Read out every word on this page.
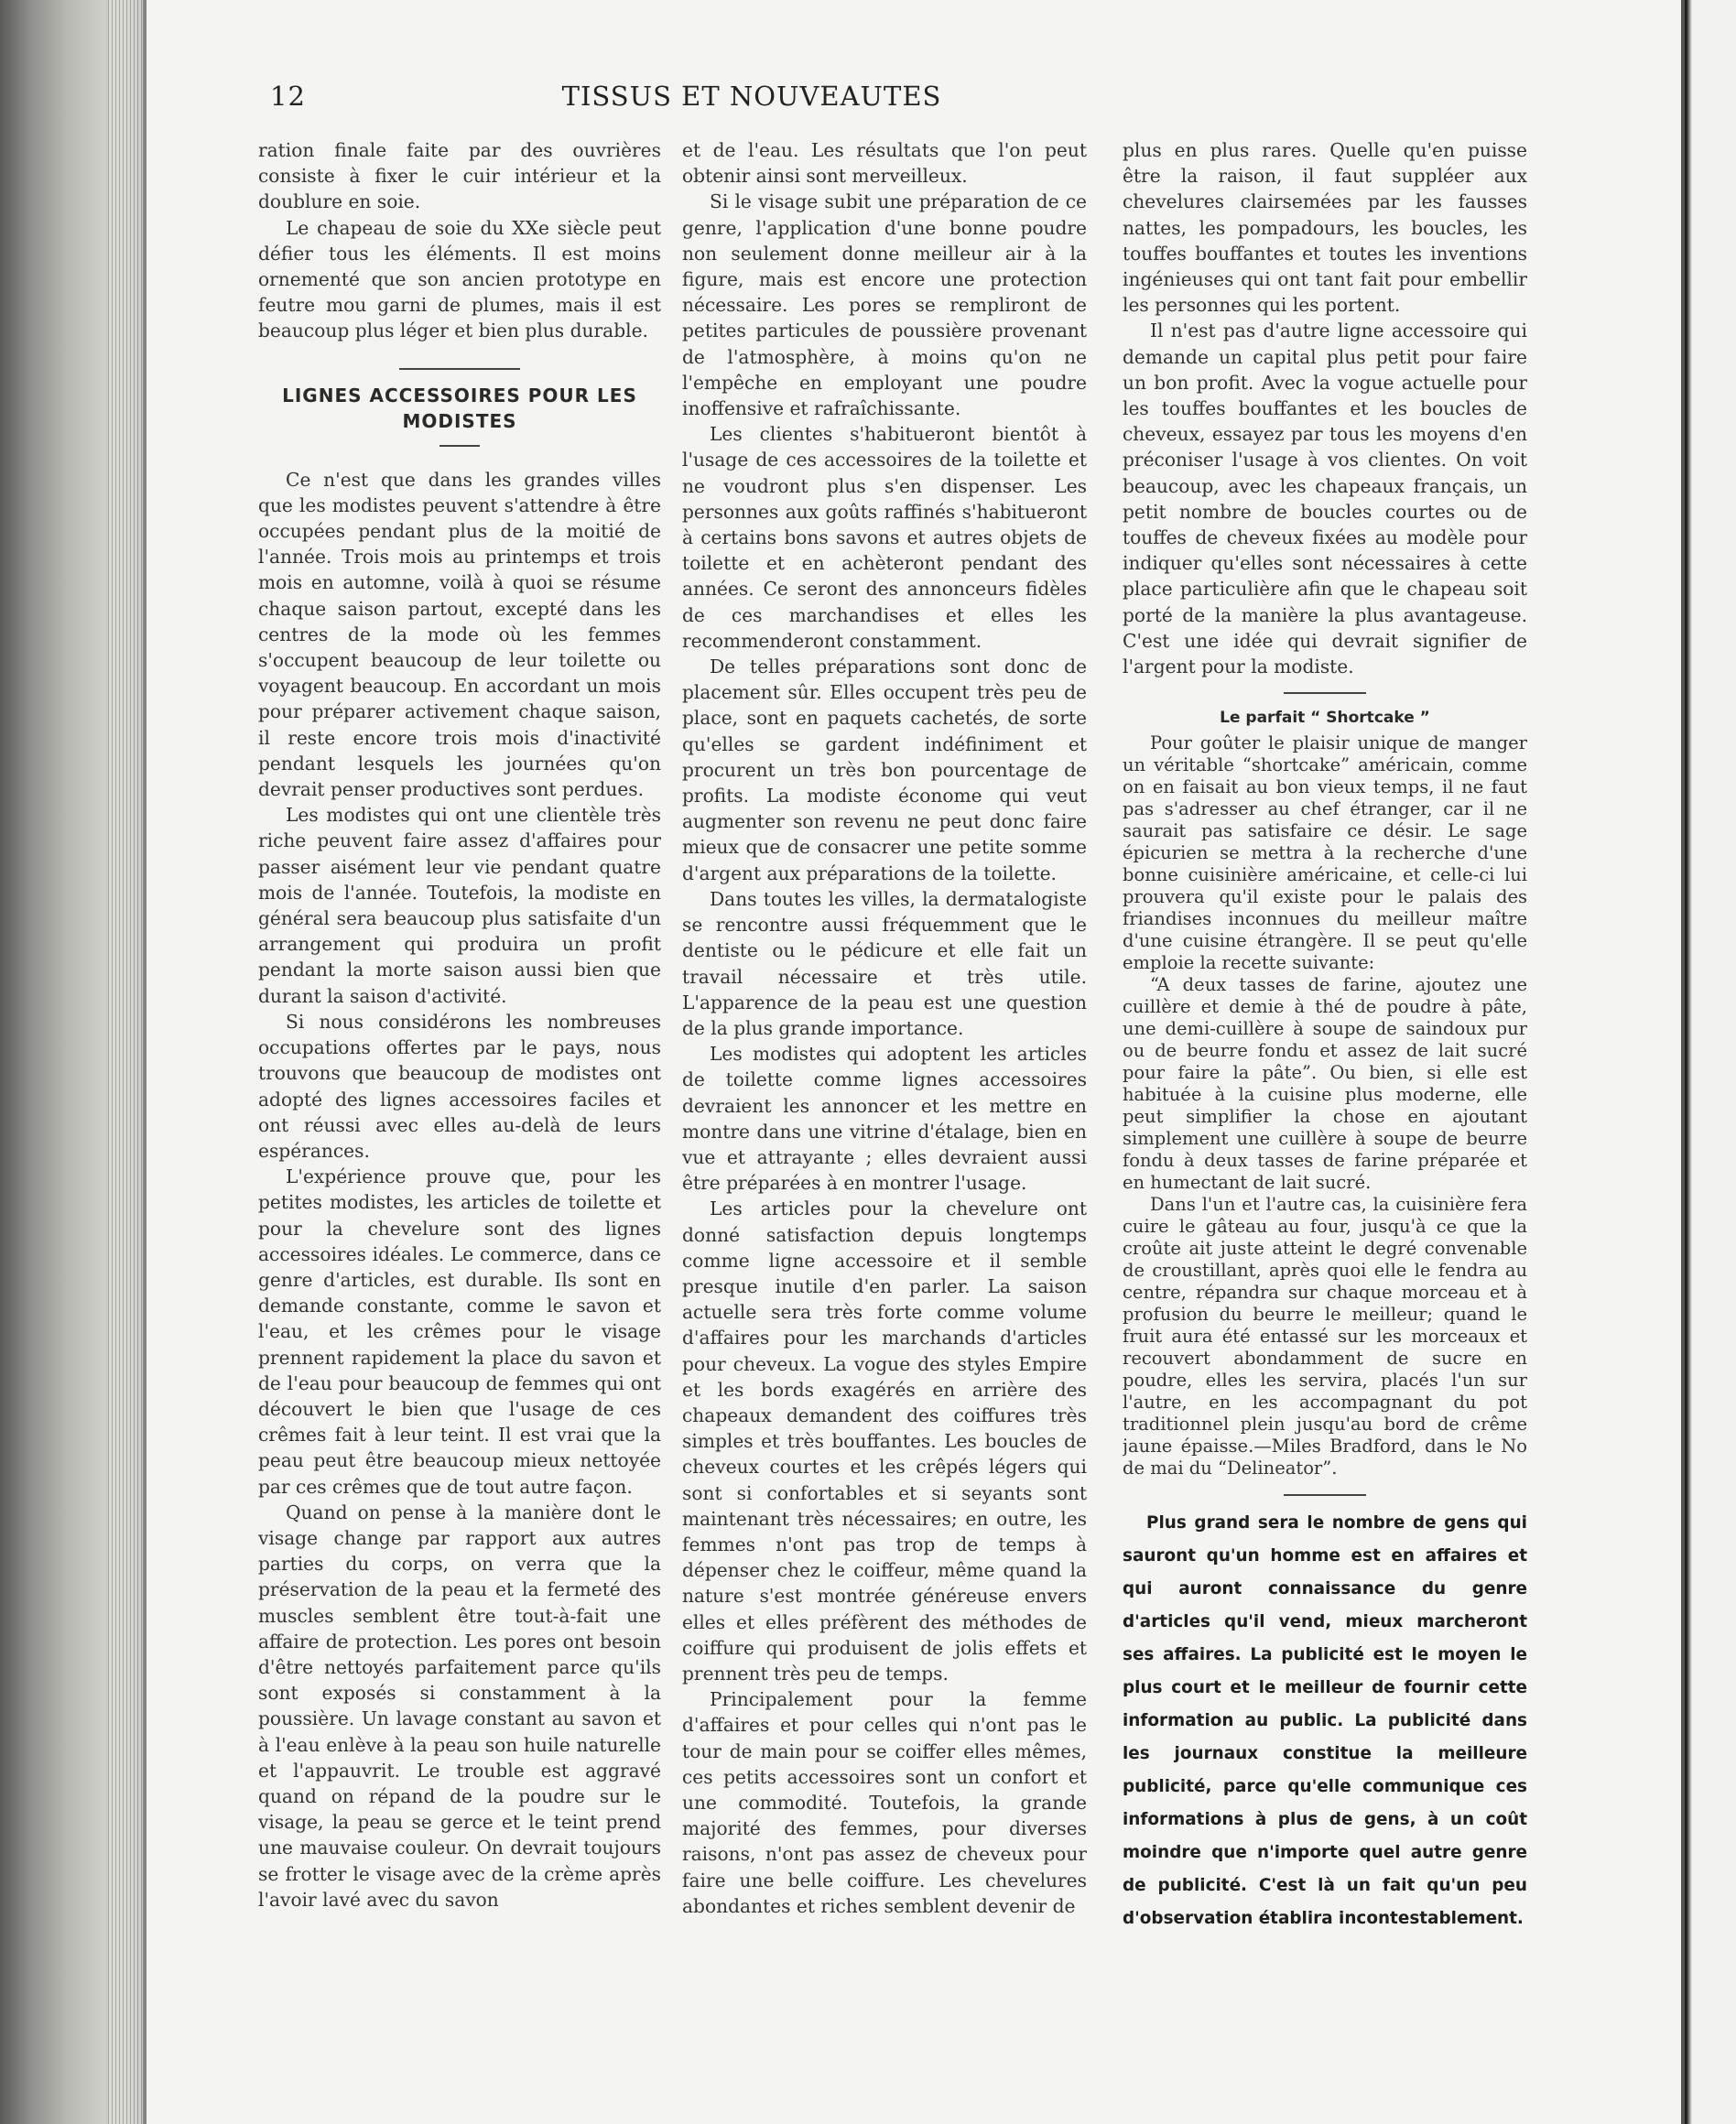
12	TISSUS ET NOUVEAUTES

ration finale faite par des ouvrières consiste à fixer le cuir intérieur et la doublure en soie.

Le chapeau de soie du XXe siècle peut défier tous les éléments. Il est moins ornementé que son ancien prototype en feutre mou garni de plumes, mais il est beaucoup plus léger et bien plus durable.

LIGNES ACCESSOIRES POUR LES MODISTES

Ce n'est que dans les grandes villes que les modistes peuvent s'attendre à être occupées pendant plus de la moitié de l'année. Trois mois au printemps et trois mois en automne, voilà à quoi se résume chaque saison partout, excepté dans les centres de la mode où les femmes s'occupent beaucoup de leur toilette ou voyagent beaucoup. En accordant un mois pour préparer activement chaque saison, il reste encore trois mois d'inactivité pendant lesquels les journées qu'on devrait penser productives sont perdues.

Les modistes qui ont une clientèle très riche peuvent faire assez d'affaires pour passer aisément leur vie pendant quatre mois de l'année. Toutefois, la modiste en général sera beaucoup plus satisfaite d'un arrangement qui produira un profit pendant la morte saison aussi bien que durant la saison d'activité.

Si nous considérons les nombreuses occupations offertes par le pays, nous trouvons que beaucoup de modistes ont adopté des lignes accessoires faciles et ont réussi avec elles au-delà de leurs espérances.

L'expérience prouve que, pour les petites modistes, les articles de toilette et pour la chevelure sont des lignes accessoires idéales. Le commerce, dans ce genre d'articles, est durable. Ils sont en demande constante, comme le savon et l'eau, et les crêmes pour le visage prennent rapidement la place du savon et de l'eau pour beaucoup de femmes qui ont découvert le bien que l'usage de ces crêmes fait à leur teint. Il est vrai que la peau peut être beaucoup mieux nettoyée par ces crêmes que de tout autre façon.

Quand on pense à la manière dont le visage change par rapport aux autres parties du corps, on verra que la préservation de la peau et la fermeté des muscles semblent être tout-à-fait une affaire de protection. Les pores ont besoin d'être nettoyés parfaitement parce qu'ils sont exposés si constamment à la poussière. Un lavage constant au savon et à l'eau enlève à la peau son huile naturelle et l'appauvrit. Le trouble est aggravé quand on répand de la poudre sur le visage, la peau se gerce et le teint prend une mauvaise couleur. On devrait toujours se frotter le visage avec de la crème après l'avoir lavé avec du savon

et de l'eau. Les résultats que l'on peut obtenir ainsi sont merveilleux.

Si le visage subit une préparation de ce genre, l'application d'une bonne poudre non seulement donne meilleur air à la figure, mais est encore une protection nécessaire. Les pores se rempliront de petites particules de poussière provenant de l'atmosphère, à moins qu'on ne l'empêche en employant une poudre inoffensive et rafraîchissante.

Les clientes s'habitueront bientôt à l'usage de ces accessoires de la toilette et ne voudront plus s'en dispenser. Les personnes aux goûts raffinés s'habitueront à certains bons savons et autres objets de toilette et en achèteront pendant des années. Ce seront des annonceurs fidèles de ces marchandises et elles les recommenderont constamment.

De telles préparations sont donc de placement sûr. Elles occupent très peu de place, sont en paquets cachetés, de sorte qu'elles se gardent indéfiniment et procurent un très bon pourcentage de profits. La modiste économe qui veut augmenter son revenu ne peut donc faire mieux que de consacrer une petite somme d'argent aux préparations de la toilette.

Dans toutes les villes, la dermatalogiste se rencontre aussi fréquemment que le dentiste ou le pédicure et elle fait un travail nécessaire et très utile. L'apparence de la peau est une question de la plus grande importance.

Les modistes qui adoptent les articles de toilette comme lignes accessoires devraient les annoncer et les mettre en montre dans une vitrine d'étalage, bien en vue et attrayante ; elles devraient aussi être préparées à en montrer l'usage.

Les articles pour la chevelure ont donné satisfaction depuis longtemps comme ligne accessoire et il semble presque inutile d'en parler. La saison actuelle sera très forte comme volume d'affaires pour les marchands d'articles pour cheveux. La vogue des styles Empire et les bords exagérés en arrière des chapeaux demandent des coiffures très simples et très bouffantes. Les boucles de cheveux courtes et les crêpés légers qui sont si confortables et si seyants sont maintenant très nécessaires; en outre, les femmes n'ont pas trop de temps à dépenser chez le coiffeur, même quand la nature s'est montrée généreuse envers elles et elles préfèrent des méthodes de coiffure qui produisent de jolis effets et prennent très peu de temps.

Principalement pour la femme d'affaires et pour celles qui n'ont pas le tour de main pour se coiffer elles mêmes, ces petits accessoires sont un confort et une commodité. Toutefois, la grande majorité des femmes, pour diverses raisons, n'ont pas assez de cheveux pour faire une belle coiffure. Les chevelures abondantes et riches semblent devenir de

plus en plus rares. Quelle qu'en puisse être la raison, il faut suppléer aux chevelures clairsemées par les fausses nattes, les pompadours, les boucles, les touffes bouffantes et toutes les inventions ingénieuses qui ont tant fait pour embellir les personnes qui les portent.

Il n'est pas d'autre ligne accessoire qui demande un capital plus petit pour faire un bon profit. Avec la vogue actuelle pour les touffes bouffantes et les boucles de cheveux, essayez par tous les moyens d'en préconiser l'usage à vos clientes. On voit beaucoup, avec les chapeaux français, un petit nombre de boucles courtes ou de touffes de cheveux fixées au modèle pour indiquer qu'elles sont nécessaires à cette place particulière afin que le chapeau soit porté de la manière la plus avantageuse. C'est une idée qui devrait signifier de l'argent pour la modiste.

Le parfait “ Shortcake ”

Pour goûter le plaisir unique de manger un véritable “shortcake” américain, comme on en faisait au bon vieux temps, il ne faut pas s'adresser au chef étranger, car il ne saurait pas satisfaire ce désir. Le sage épicurien se mettra à la recherche d'une bonne cuisinière américaine, et celle-ci lui prouvera qu'il existe pour le palais des friandises inconnues du meilleur maître d'une cuisine étrangère. Il se peut qu'elle emploie la recette suivante:

“A deux tasses de farine, ajoutez une cuillère et demie à thé de poudre à pâte, une demi-cuillère à soupe de saindoux pur ou de beurre fondu et assez de lait sucré pour faire la pâte”. Ou bien, si elle est habituée à la cuisine plus moderne, elle peut simplifier la chose en ajoutant simplement une cuillère à soupe de beurre fondu à deux tasses de farine préparée et en humectant de lait sucré.

Dans l'un et l'autre cas, la cuisinière fera cuire le gâteau au four, jusqu'à ce que la croûte ait juste atteint le degré convenable de croustillant, après quoi elle le fendra au centre, répandra sur chaque morceau et à profusion du beurre le meilleur; quand le fruit aura été entassé sur les morceaux et recouvert abondamment de sucre en poudre, elles les servira, placés l'un sur l'autre, en les accompagnant du pot traditionnel plein jusqu'au bord de crême jaune épaisse.—Miles Bradford, dans le No de mai du “Delineator”.

Plus grand sera le nombre de gens qui sauront qu'un homme est en affaires et qui auront connaissance du genre d'articles qu'il vend, mieux marcheront ses affaires. La publicité est le moyen le plus court et le meilleur de fournir cette information au public. La publicité dans les journaux constitue la meilleure publicité, parce qu'elle communique ces informations à plus de gens, à un coût moindre que n'importe quel autre genre de publicité. C'est là un fait qu'un peu d'observation établira incontestablement.
